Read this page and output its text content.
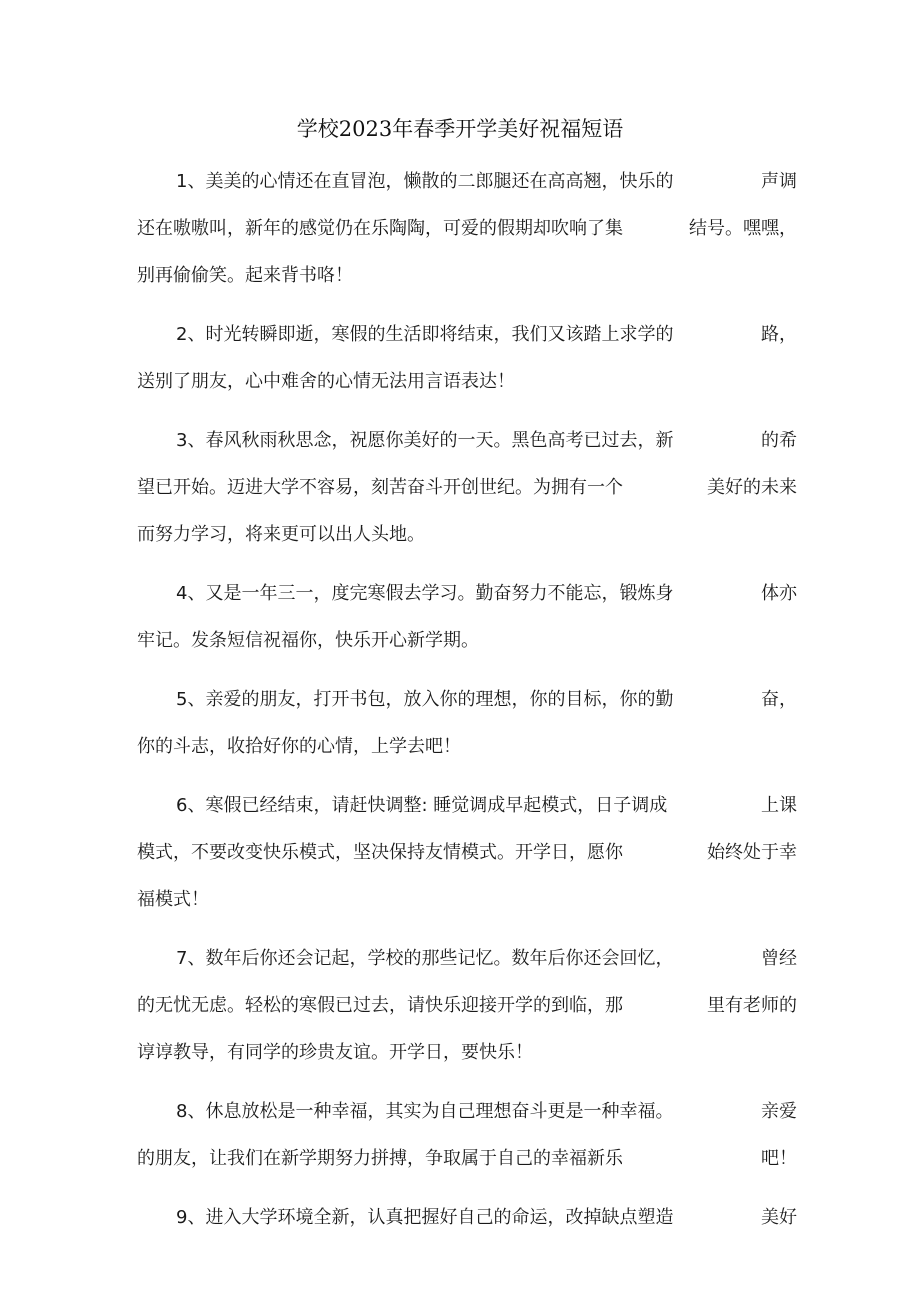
学校2023年春季开学美好祝福短语
1、美美的心情还在直冒泡，懒散的二郎腿还在高高翘，快乐的	声调
还在嗷嗷叫，新年的感觉仍在乐陶陶，可爱的假期却吹响了集	结号。嘿嘿，
别再偷偷笑。起来背书咯！
2、时光转瞬即逝，寒假的生活即将结束，我们又该踏上求学的	路，
送别了朋友，心中难舍的心情无法用言语表达！
3、春风秋雨秋思念，祝愿你美好的一天。黑色高考已过去，新	的希
望已开始。迈进大学不容易，刻苦奋斗开创世纪。为拥有一个	美好的未来
而努力学习，将来更可以出人头地。
4、又是一年三一，度完寒假去学习。勤奋努力不能忘，锻炼身	体亦
牢记。发条短信祝福你，快乐开心新学期。
5、亲爱的朋友，打开书包，放入你的理想，你的目标，你的勤	奋，
你的斗志，收拾好你的心情，上学去吧！
6、寒假已经结束，请赶快调整: 睡觉调成早起模式，日子调成	上课
模式，不要改变快乐模式，坚决保持友情模式。开学日，愿你	始终处于幸
福模式！
7、数年后你还会记起，学校的那些记忆。数年后你还会回忆，	曾经
的无忧无虑。轻松的寒假已过去，请快乐迎接开学的到临，那	里有老师的
谆谆教导，有同学的珍贵友谊。开学日，要快乐！
8、休息放松是一种幸福，其实为自己理想奋斗更是一种幸福。	亲爱
的朋友，让我们在新学期努力拼搏，争取属于自己的幸福新乐	吧！
9、进入大学环境全新，认真把握好自己的命运，改掉缺点塑造	美好
